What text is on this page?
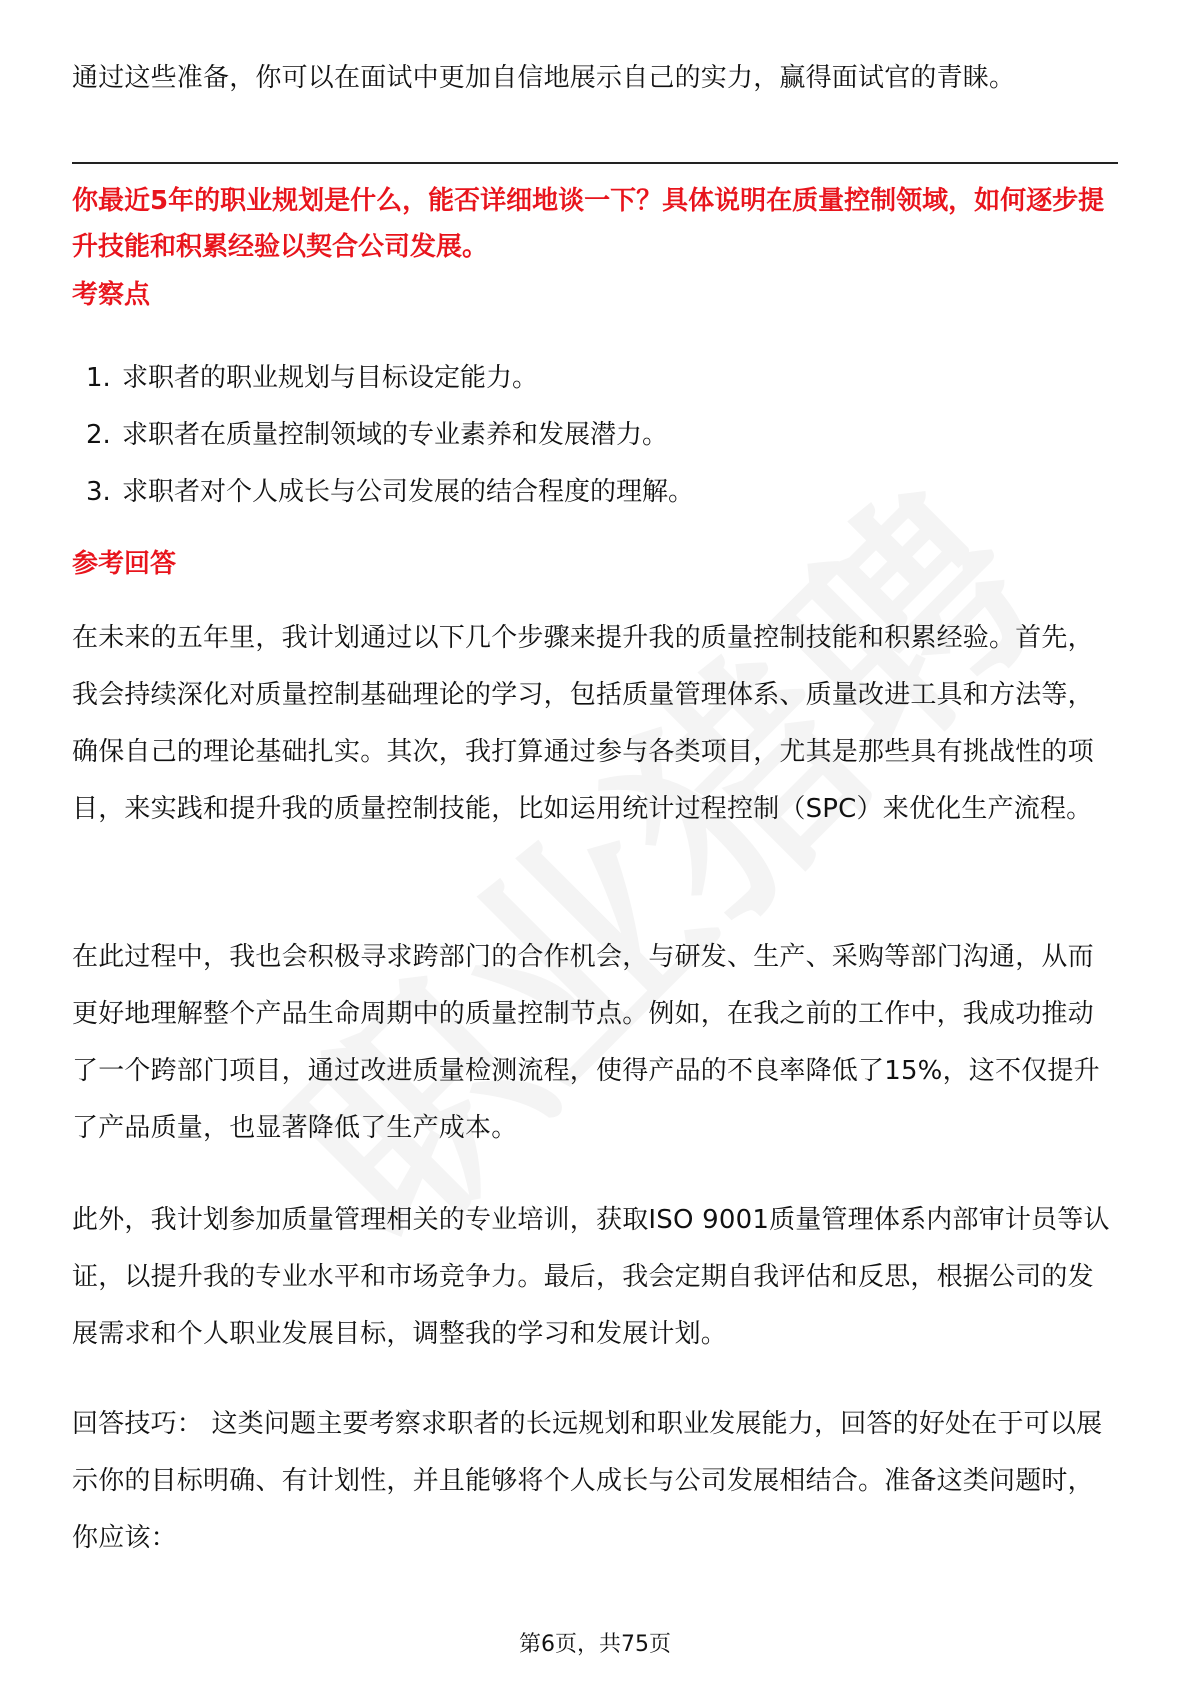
通过这些准备，你可以在面试中更加自信地展示自己的实力，赢得面试官的青睐。

你最近5年的职业规划是什么，能否详细地谈一下？具体说明在质量控制领域，如何逐步提升技能和积累经验以契合公司发展。

考察点

1. 求职者的职业规划与目标设定能力。
2. 求职者在质量控制领域的专业素养和发展潜力。
3. 求职者对个人成长与公司发展的结合程度的理解。

参考回答

在未来的五年里，我计划通过以下几个步骤来提升我的质量控制技能和积累经验。首先，我会持续深化对质量控制基础理论的学习，包括质量管理体系、质量改进工具和方法等，确保自己的理论基础扎实。其次，我打算通过参与各类项目，尤其是那些具有挑战性的项目，来实践和提升我的质量控制技能，比如运用统计过程控制（SPC）来优化生产流程。

在此过程中，我也会积极寻求跨部门的合作机会，与研发、生产、采购等部门沟通，从而更好地理解整个产品生命周期中的质量控制节点。例如，在我之前的工作中，我成功推动了一个跨部门项目，通过改进质量检测流程，使得产品的不良率降低了15%，这不仅提升了产品质量，也显著降低了生产成本。

此外，我计划参加质量管理相关的专业培训，获取ISO 9001质量管理体系内部审计员等认证，以提升我的专业水平和市场竞争力。最后，我会定期自我评估和反思，根据公司的发展需求和个人职业发展目标，调整我的学习和发展计划。

回答技巧： 这类问题主要考察求职者的长远规划和职业发展能力，回答的好处在于可以展示你的目标明确、有计划性，并且能够将个人成长与公司发展相结合。准备这类问题时，你应该：

第6页，共75页
